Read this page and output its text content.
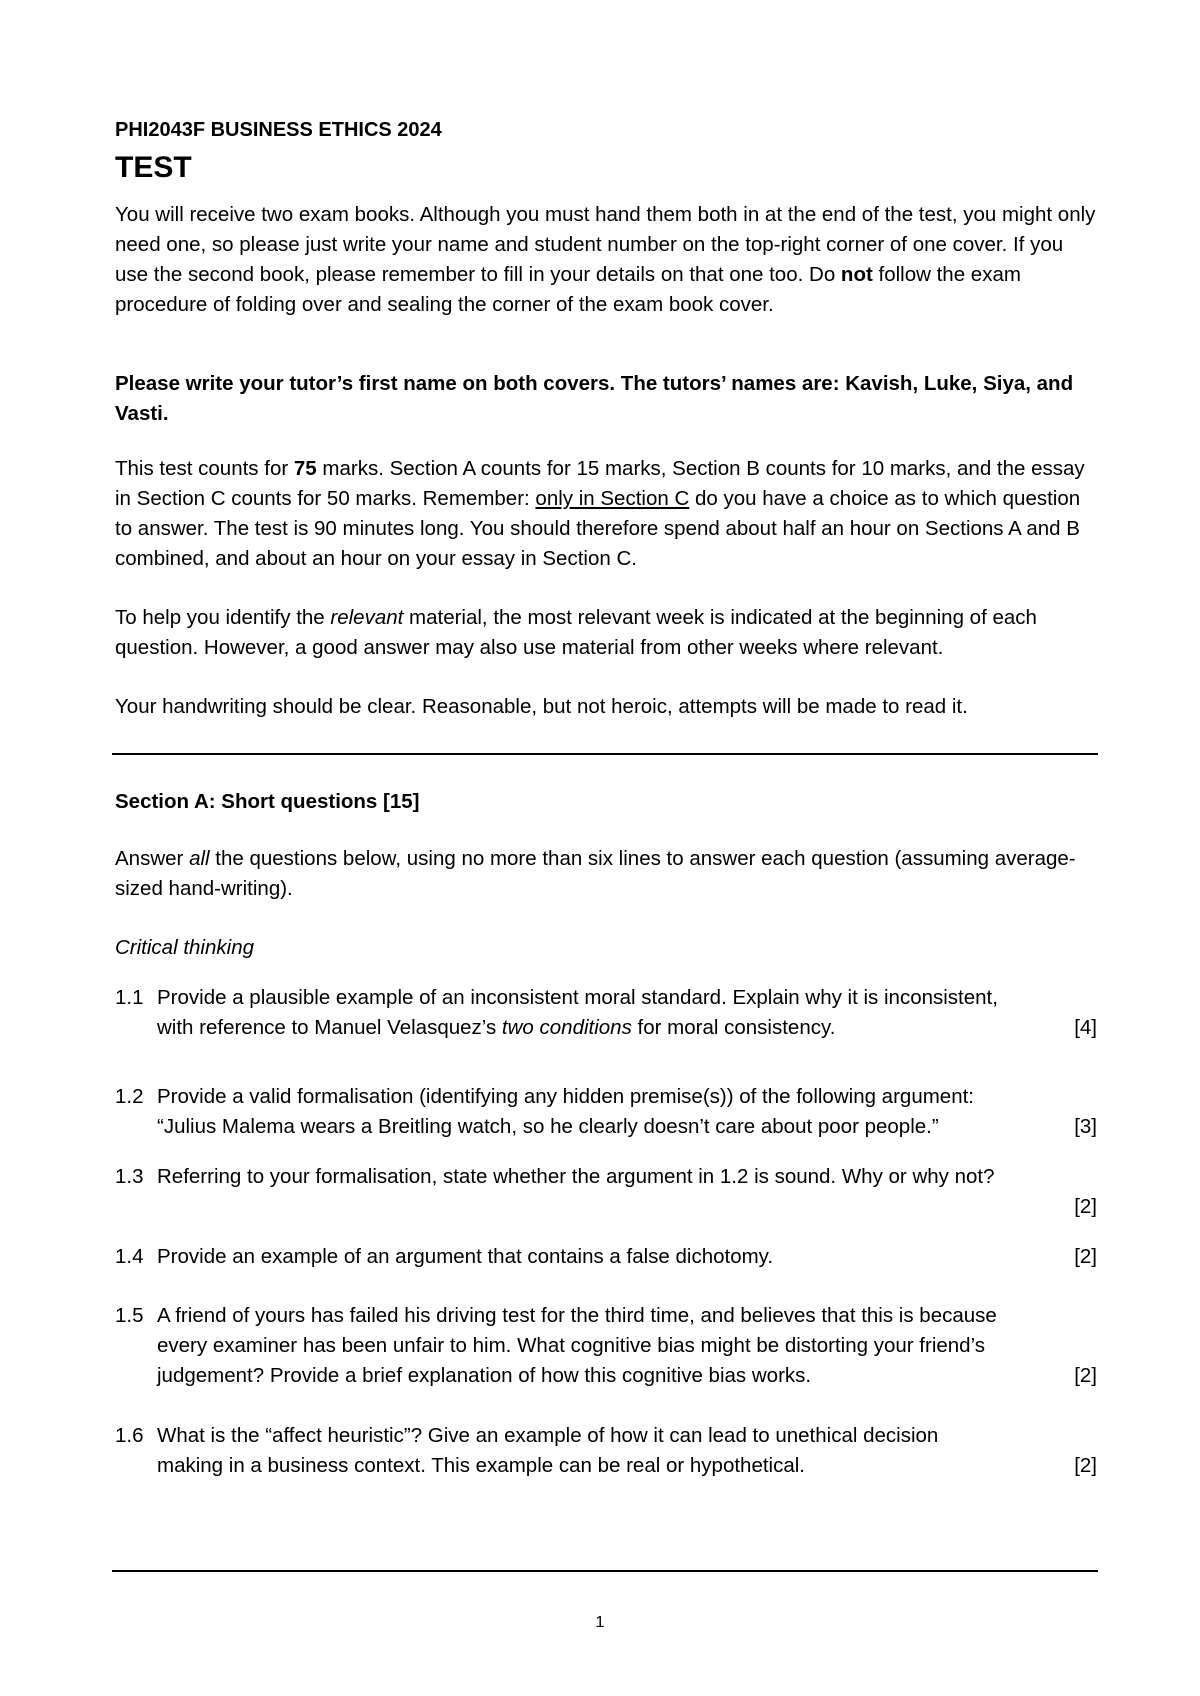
PHI2043F BUSINESS ETHICS 2024
TEST
You will receive two exam books. Although you must hand them both in at the end of the test, you might only need one, so please just write your name and student number on the top-right corner of one cover. If you use the second book, please remember to fill in your details on that one too. Do not follow the exam procedure of folding over and sealing the corner of the exam book cover.
Please write your tutor’s first name on both covers. The tutors’ names are: Kavish, Luke, Siya, and Vasti.
This test counts for 75 marks. Section A counts for 15 marks, Section B counts for 10 marks, and the essay in Section C counts for 50 marks. Remember: only in Section C do you have a choice as to which question to answer. The test is 90 minutes long. You should therefore spend about half an hour on Sections A and B combined, and about an hour on your essay in Section C.
To help you identify the relevant material, the most relevant week is indicated at the beginning of each question. However, a good answer may also use material from other weeks where relevant.
Your handwriting should be clear. Reasonable, but not heroic, attempts will be made to read it.
Section A: Short questions [15]
Answer all the questions below, using no more than six lines to answer each question (assuming average-sized hand-writing).
Critical thinking
1.1 Provide a plausible example of an inconsistent moral standard. Explain why it is inconsistent,
with reference to Manuel Velasquez’s two conditions for moral consistency.	[4]
1.2 Provide a valid formalisation (identifying any hidden premise(s)) of the following argument:
“Julius Malema wears a Breitling watch, so he clearly doesn’t care about poor people.”	[3]
1.3 Referring to your formalisation, state whether the argument in 1.2 is sound. Why or why not?
[2]
1.4 Provide an example of an argument that contains a false dichotomy.	[2]
1.5 A friend of yours has failed his driving test for the third time, and believes that this is because
every examiner has been unfair to him. What cognitive bias might be distorting your friend’s
judgement? Provide a brief explanation of how this cognitive bias works.	[2]
1.6 What is the “affect heuristic”? Give an example of how it can lead to unethical decision
making in a business context. This example can be real or hypothetical.	[2]
1
